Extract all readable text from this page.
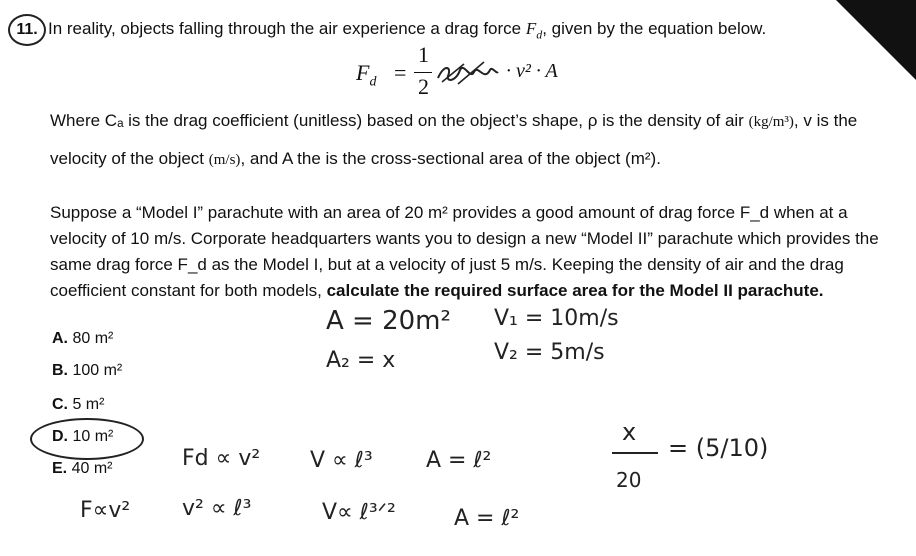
11. In reality, objects falling through the air experience a drag force $F_d$, given by the equation below.
$F_d$ =
1
2
· v² · A
Where Cₐ is the drag coefficient (unitless) based on the object’s shape, ρ is the density of air (kg/m³), v is the
velocity of the object (m/s), and A the is the cross-sectional area of the object (m²).
Suppose a “Model I” parachute with an area of 20 m² provides a good amount of drag force F_d when at a velocity of 10 m/s. Corporate headquarters wants you to design a new “Model II” parachute which provides the same drag force F_d as the Model I, but at a velocity of just 5 m/s. Keeping the density of air and the drag coefficient constant for both models, calculate the required surface area for the Model II parachute.
A. 80 m²
B. 100 m²
C. 5 m²
D. 10 m²
E. 40 m²
A = 20m² V₁ = 10m/s
A₂ = x	V₂ = 5m/s
x
20
= (5/10)
Fd ∝ v² V ∝ ℓ³ A = ℓ²
F∝v² v² ∝ ℓ³	V∝ ℓ³ᐟ²	A = ℓ²
